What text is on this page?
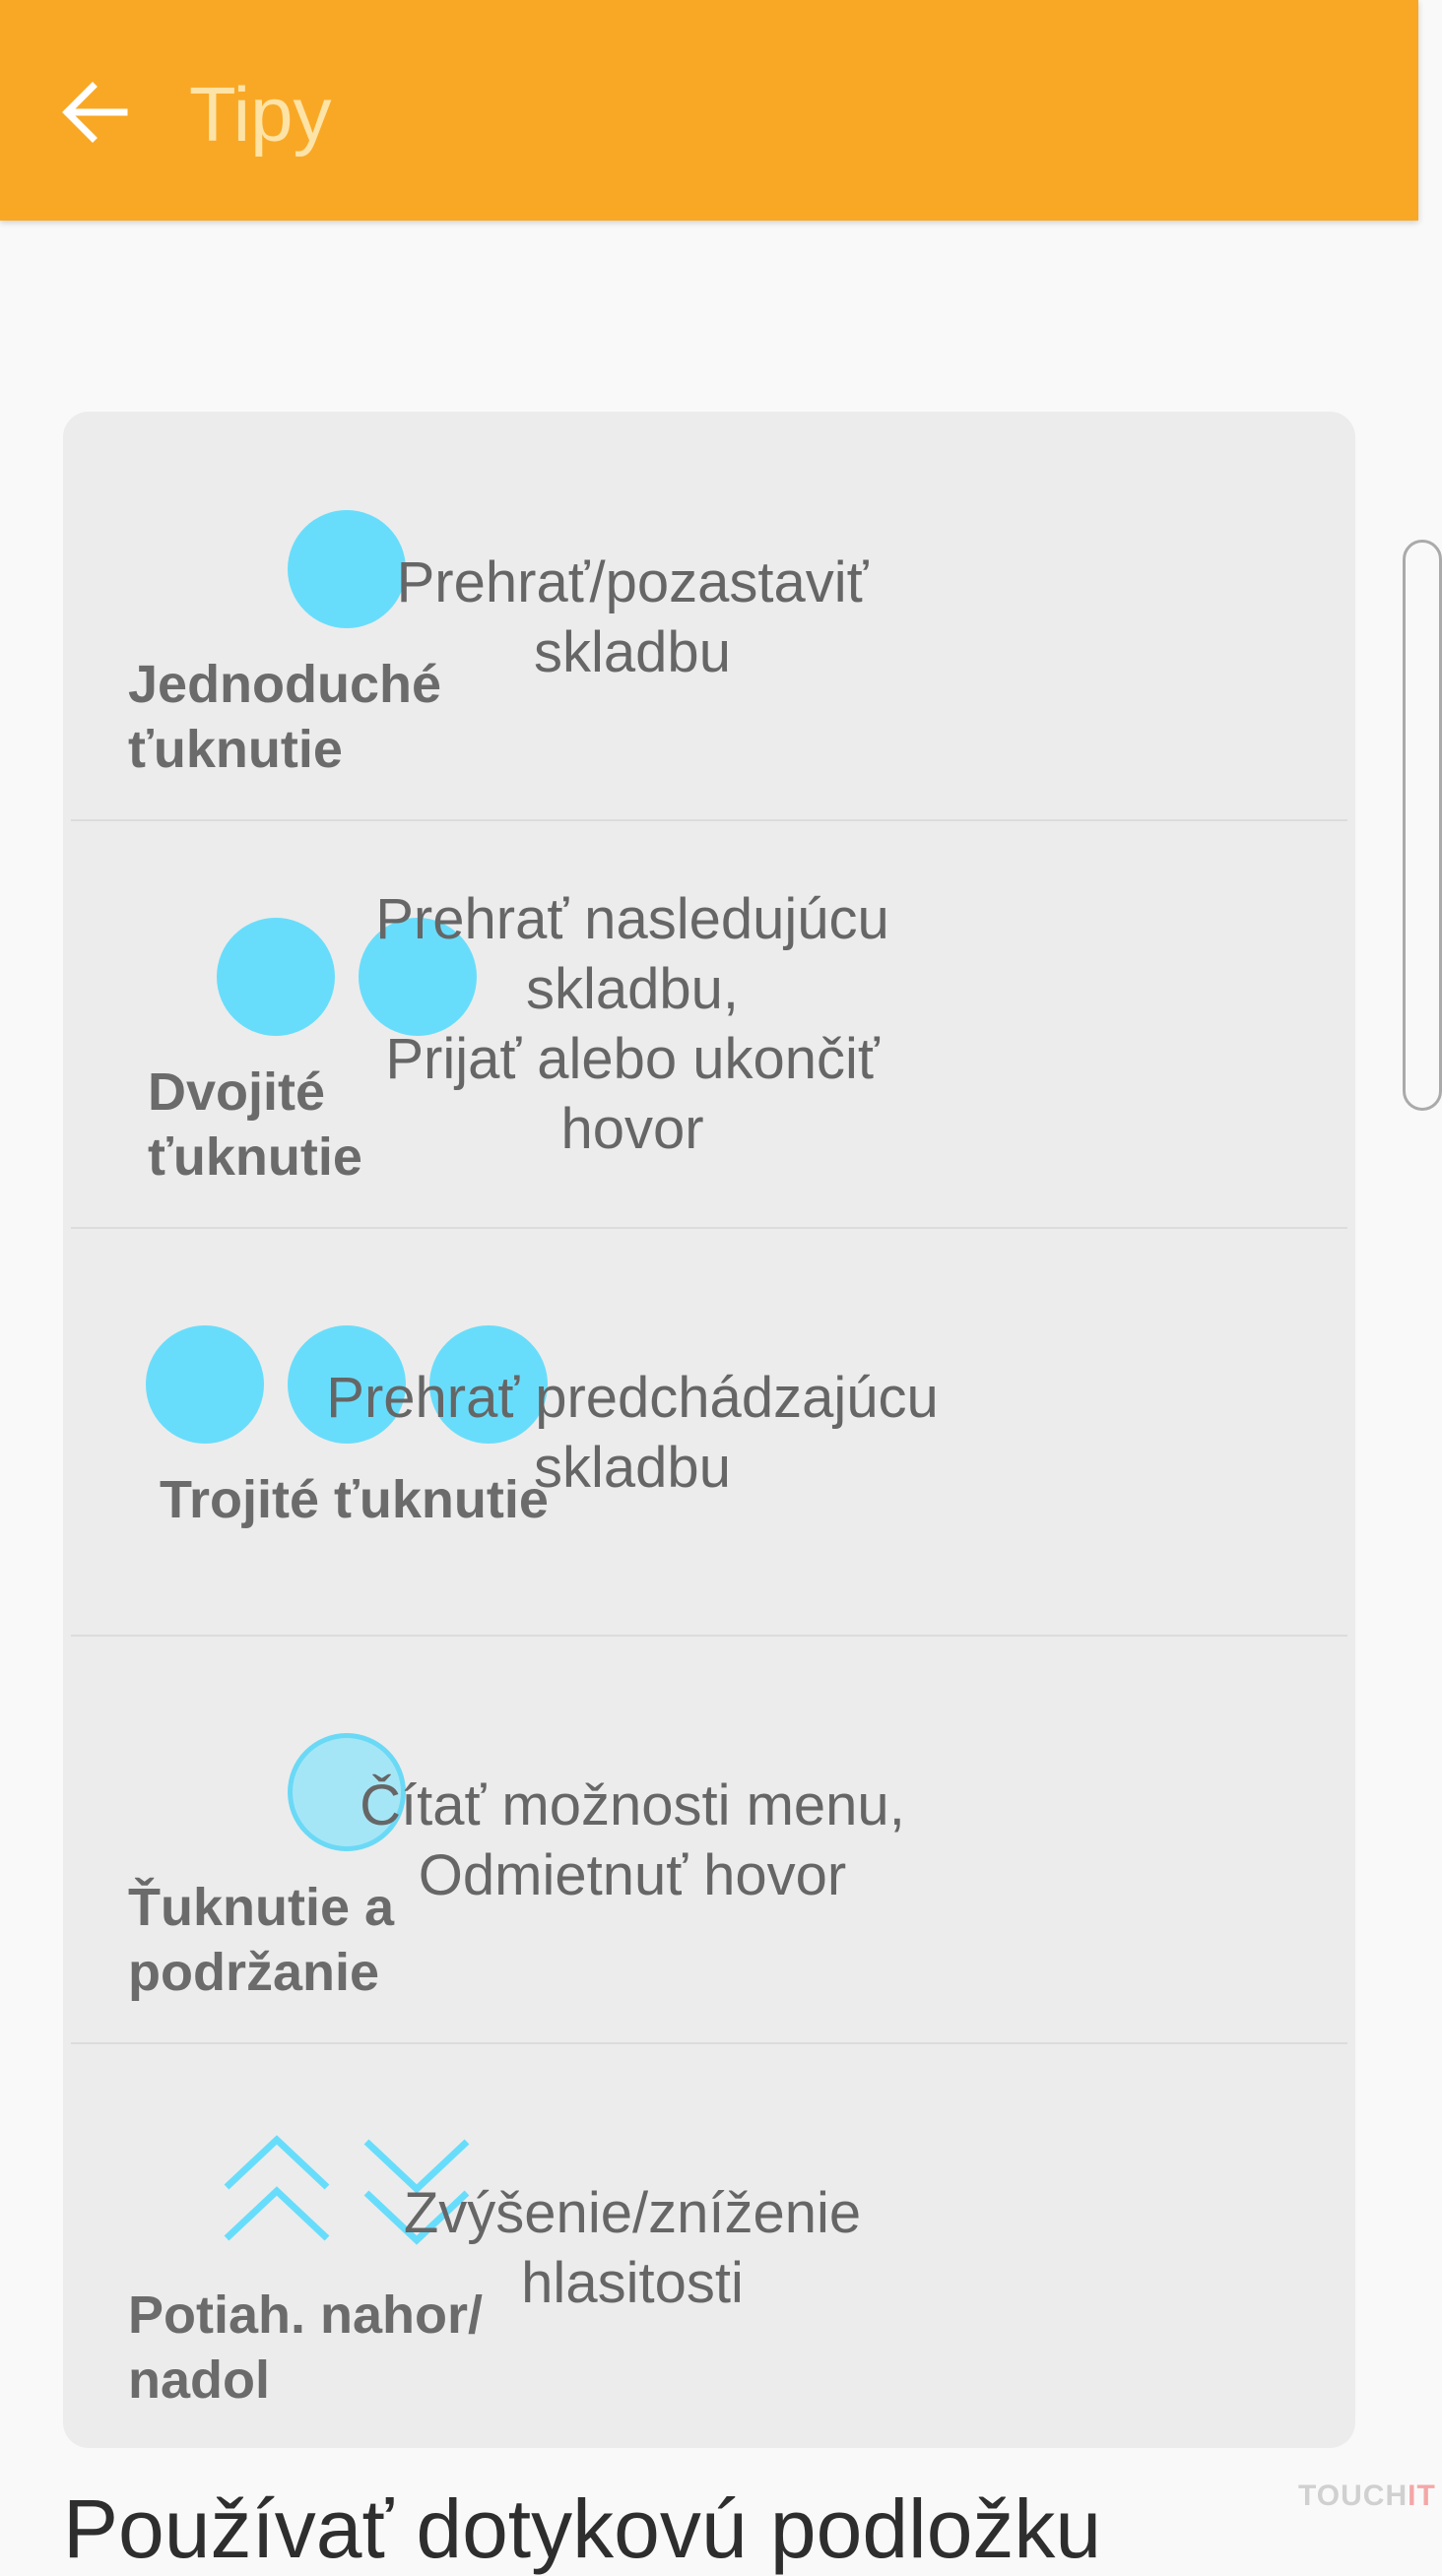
Tipy
Jednoduché
ťuknutie
Prehrať/pozastaviť
skladbu
Dvojité ťuknutie
Prehrať nasledujúcu
skladbu,
Prijať alebo ukončiť
hovor
Trojité ťuknutie
Prehrať predchádzajúcu
skladbu
Ťuknutie a
podržanie
Čítať možnosti menu,
Odmietnuť hovor
Potiah. nahor/
nadol
Zvýšenie/zníženie
hlasitosti
Používať dotykovú podložku	TOUCHIT
